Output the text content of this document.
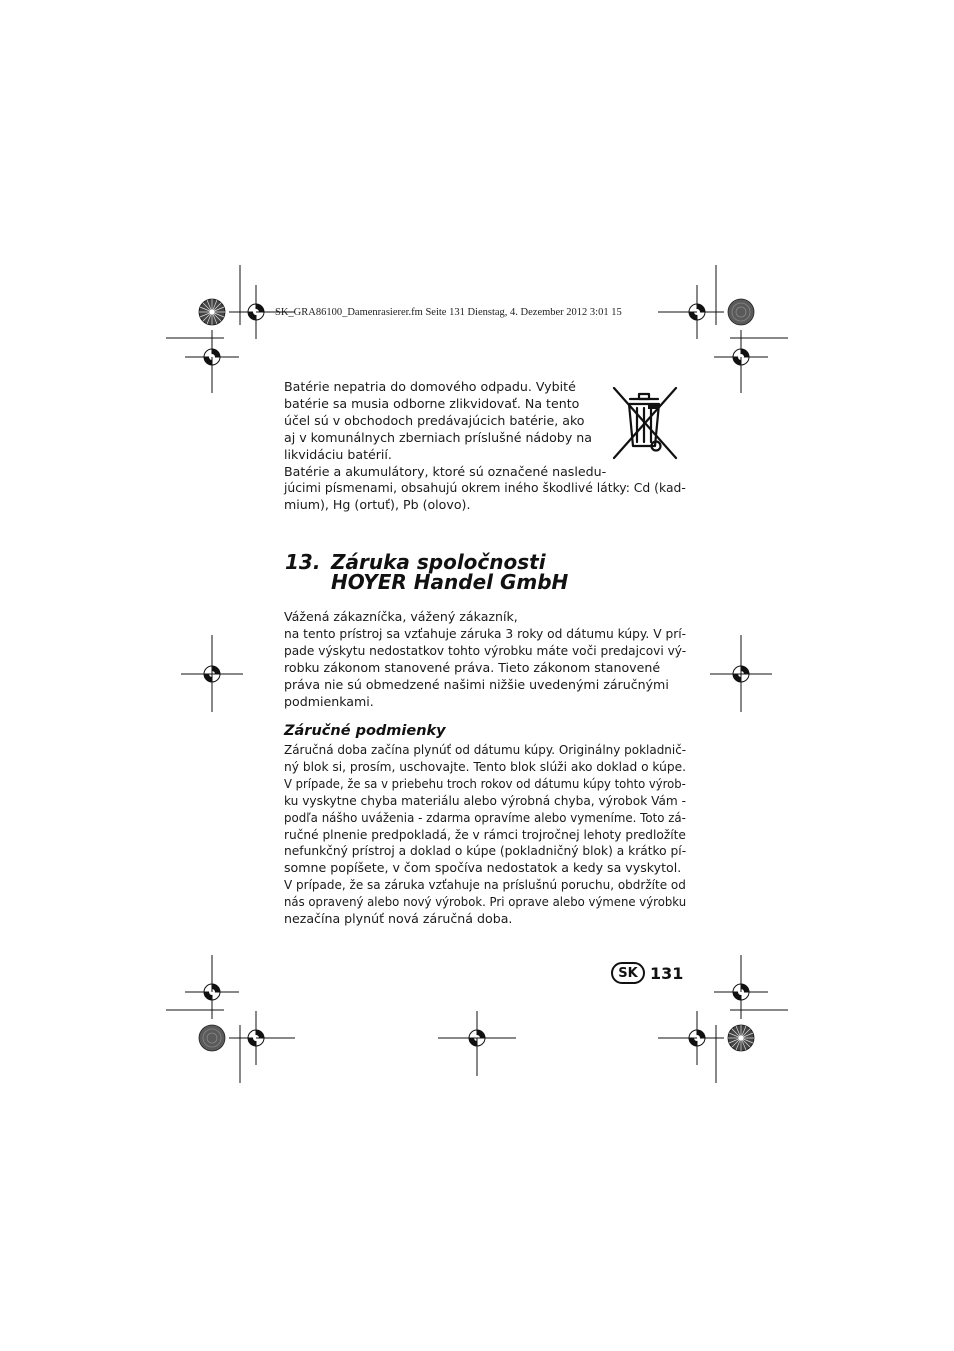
SK_GRA86100_Damenrasierer.fm Seite 131 Dienstag, 4. Dezember 2012 3:01 15
Batérie nepatria do domového odpadu. Vybité
batérie sa musia odborne zlikvidovať. Na tento
účel sú v obchodoch predávajúcich batérie, ako
aj v komunálnych zberniach príslušné nádoby na
likvidáciu batérií.
Batérie a akumulátory, ktoré sú označené nasledu-
júcimi písmenami, obsahujú okrem iného škodlivé látky: Cd (kad-
mium), Hg (ortuť), Pb (olovo).
13. Záruka spoločnosti
HOYER Handel GmbH
Vážená zákazníčka, vážený zákazník,
na tento prístroj sa vzťahuje záruka 3 roky od dátumu kúpy. V prí-
pade výskytu nedostatkov tohto výrobku máte voči predajcovi vý-
robku zákonom stanovené práva. Tieto zákonom stanovené
práva nie sú obmedzené našimi nižšie uvedenými záručnými
podmienkami.
Záručné podmienky
Záručná doba začína plynúť od dátumu kúpy. Originálny pokladnič-
ný blok si, prosím, uschovajte. Tento blok slúži ako doklad o kúpe.
V prípade, že sa v priebehu troch rokov od dátumu kúpy tohto výrob-
ku vyskytne chyba materiálu alebo výrobná chyba, výrobok Vám -
podľa nášho uváženia - zdarma opravíme alebo vymeníme. Toto zá-
ručné plnenie predpokladá, že v rámci trojročnej lehoty predložíte
nefunkčný prístroj a doklad o kúpe (pokladničný blok) a krátko pí-
somne popíšete, v čom spočíva nedostatok a kedy sa vyskytol.
V prípade, že sa záruka vzťahuje na príslušnú poruchu, obdržíte od
nás opravený alebo nový výrobok. Pri oprave alebo výmene výrobku
nezačína plynúť nová záručná doba.
SK 131
